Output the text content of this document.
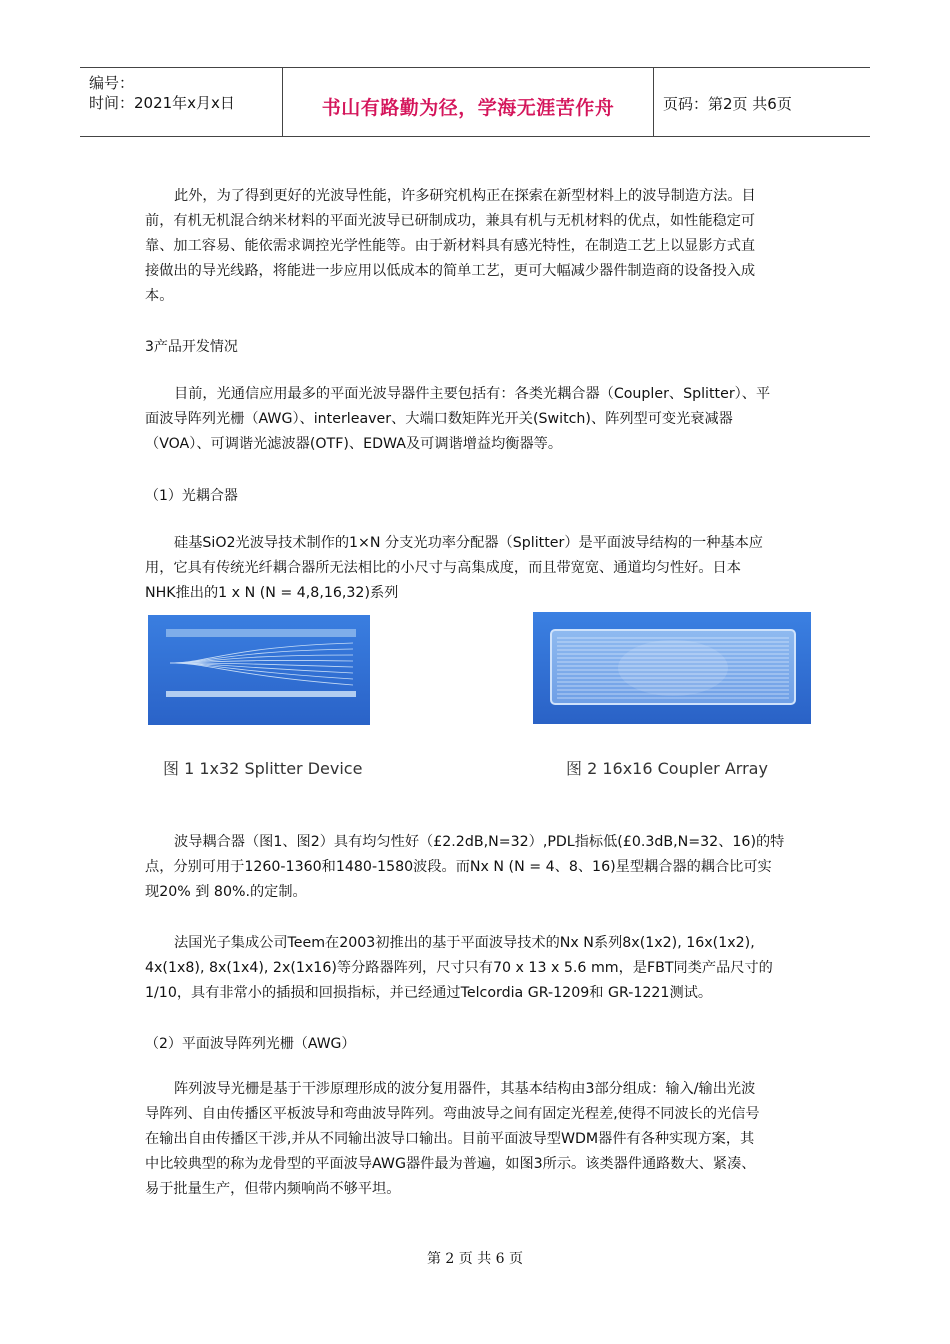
编号：
时间：2021年x月x日	书山有路勤为径，学海无涯苦作舟	页码：第2页 共6页

此外，为了得到更好的光波导性能，许多研究机构正在探索在新型材料上的波导制造方法。目
前，有机无机混合纳米材料的平面光波导已研制成功，兼具有机与无机材料的优点，如性能稳定可
靠、加工容易、能依需求调控光学性能等。由于新材料具有感光特性，在制造工艺上以显影方式直
接做出的导光线路，将能进一步应用以低成本的简单工艺，更可大幅减少器件制造商的设备投入成
本。

3产品开发情况

目前，光通信应用最多的平面光波导器件主要包括有：各类光耦合器（Coupler、Splitter）、平
面波导阵列光栅（AWG）、interleaver、大端口数矩阵光开关(Switch)、阵列型可变光衰减器
（VOA）、可调谐光滤波器(OTF)、EDWA及可调谐增益均衡器等。

（1）光耦合器

硅基SiO2光波导技术制作的1×N 分支光功率分配器（Splitter）是平面波导结构的一种基本应
用，它具有传统光纤耦合器所无法相比的小尺寸与高集成度，而且带宽宽、通道均匀性好。日本
NHK推出的1 x N (N = 4,8,16,32)系列

图 1 1x32 Splitter Device	图 2 16x16 Coupler Array

波导耦合器（图1、图2）具有均匀性好（£2.2dB,N=32）,PDL指标低(£0.3dB,N=32、16)的特
点，分别可用于1260-1360和1480-1580波段。而Nx N (N = 4、8、16)星型耦合器的耦合比可实
现20% 到 80%.的定制。

法国光子集成公司Teem在2003初推出的基于平面波导技术的Nx N系列8x(1x2), 16x(1x2),
4x(1x8), 8x(1x4), 2x(1x16)等分路器阵列，尺寸只有70 x 13 x 5.6 mm，是FBT同类产品尺寸的
1/10，具有非常小的插损和回损指标，并已经通过Telcordia GR-1209和 GR-1221测试。

（2）平面波导阵列光栅（AWG）

阵列波导光栅是基于干涉原理形成的波分复用器件，其基本结构由3部分组成：输入/输出光波
导阵列、自由传播区平板波导和弯曲波导阵列。弯曲波导之间有固定光程差,使得不同波长的光信号
在输出自由传播区干涉,并从不同输出波导口输出。目前平面波导型WDM器件有各种实现方案，其
中比较典型的称为龙骨型的平面波导AWG器件最为普遍，如图3所示。该类器件通路数大、紧凑、
易于批量生产，但带内频响尚不够平坦。

第 2 页 共 6 页
